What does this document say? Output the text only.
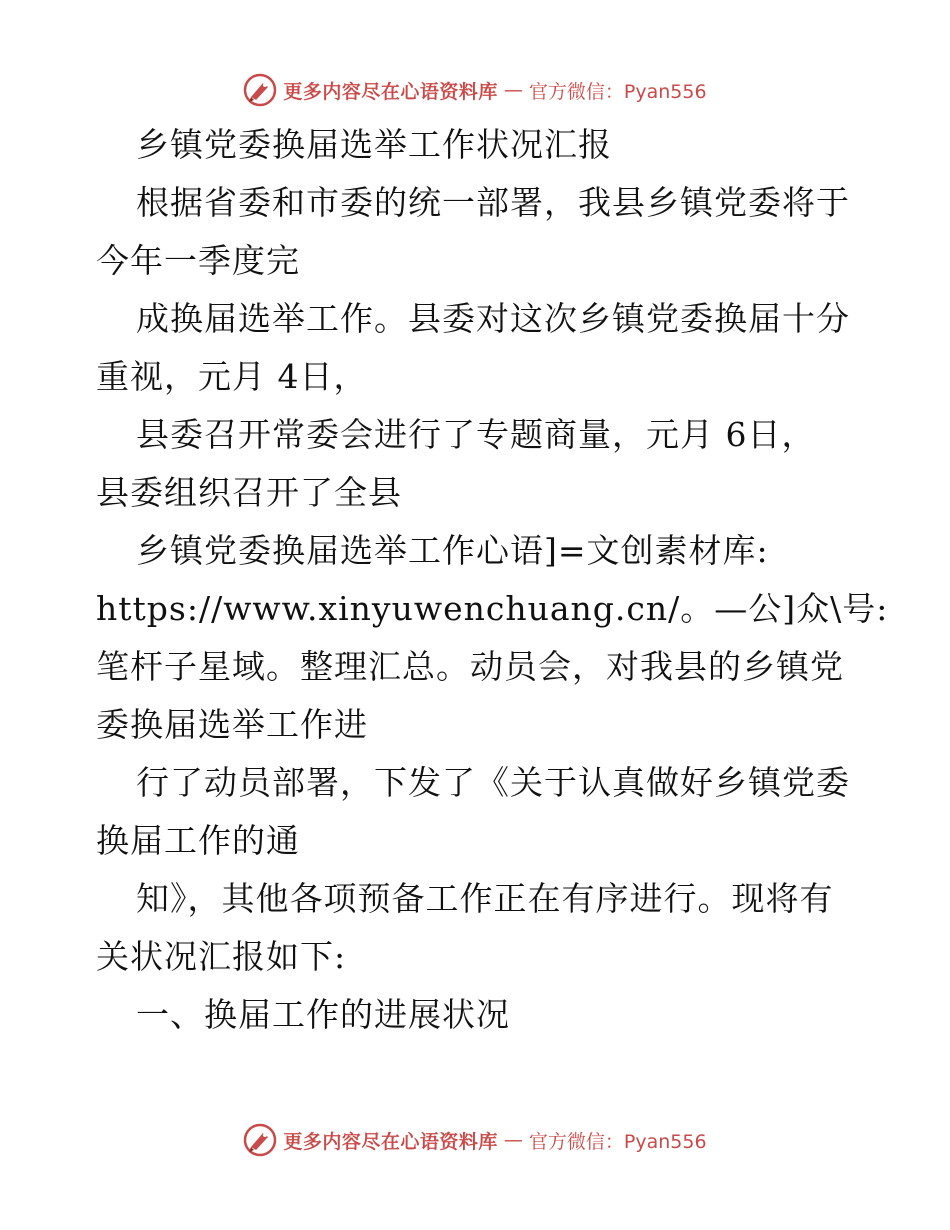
更多内容尽在心语资料库 — 官方微信：Pyan556
乡镇党委换届选举工作状况汇报
根据省委和市委的统一部署，我县乡镇党委将于
今年一季度完
成换届选举工作。县委对这次乡镇党委换届十分
重视，元月 4日，
县委召开常委会进行了专题商量，元月 6日，
县委组织召开了全县
乡镇党委换届选举工作心语]=文创素材库:
https://www.xinyuwenchuang.cn/。—公]众\号:
笔杆子星域。整理汇总。动员会，对我县的乡镇党
委换届选举工作进
行了动员部署，下发了《关于认真做好乡镇党委
换届工作的通
知》，其他各项预备工作正在有序进行。现将有
关状况汇报如下:
一、换届工作的进展状况
更多内容尽在心语资料库 — 官方微信：Pyan556
